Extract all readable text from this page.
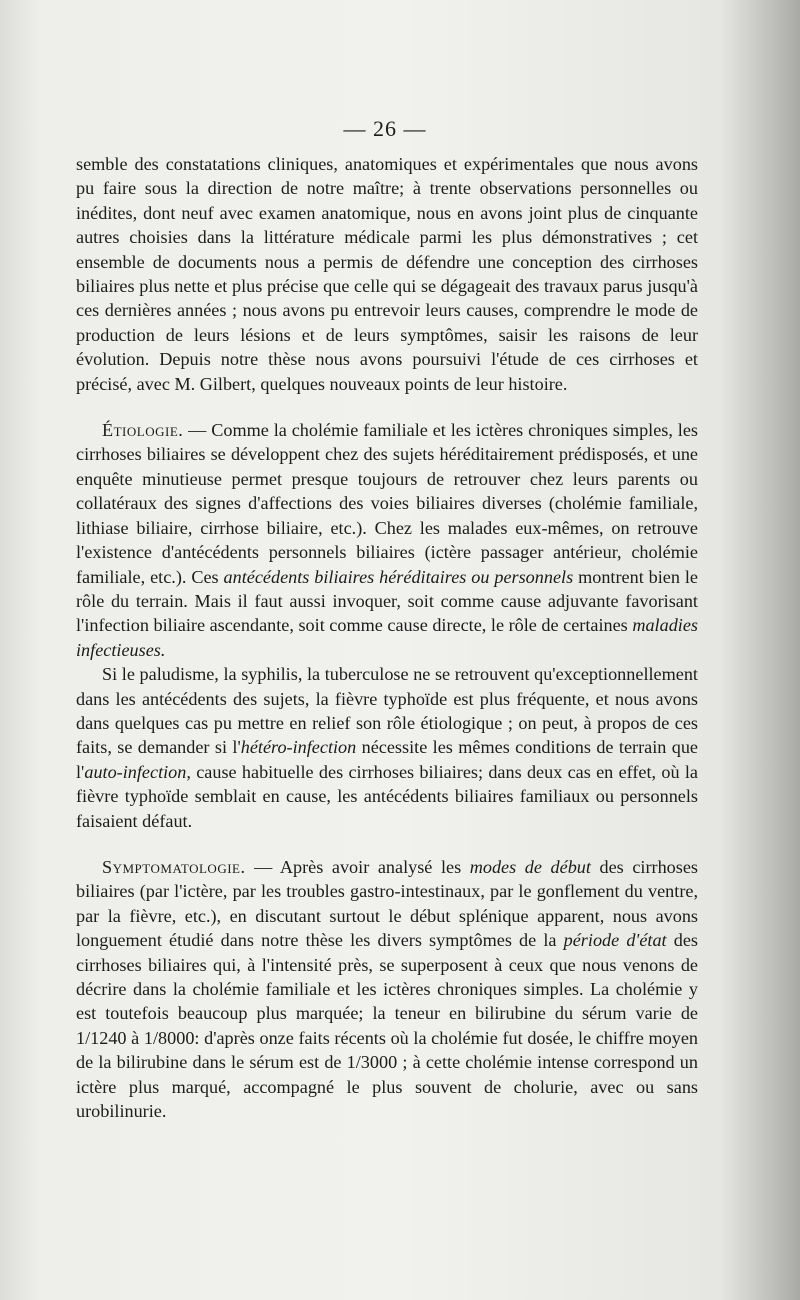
— 26 —

semble des constatations cliniques, anatomiques et expérimentales que nous avons pu faire sous la direction de notre maître; à trente observations personnelles ou inédites, dont neuf avec examen anatomique, nous en avons joint plus de cinquante autres choisies dans la littérature médicale parmi les plus démonstratives ; cet ensemble de documents nous a permis de défendre une conception des cirrhoses biliaires plus nette et plus précise que celle qui se dégageait des travaux parus jusqu'à ces dernières années ; nous avons pu entrevoir leurs causes, comprendre le mode de production de leurs lésions et de leurs symptômes, saisir les raisons de leur évolution. Depuis notre thèse nous avons poursuivi l'étude de ces cirrhoses et précisé, avec M. Gilbert, quelques nouveaux points de leur histoire.

Étiologie. — Comme la cholémie familiale et les ictères chroniques simples, les cirrhoses biliaires se développent chez des sujets héréditairement prédisposés, et une enquête minutieuse permet presque toujours de retrouver chez leurs parents ou collatéraux des signes d'affections des voies biliaires diverses (cholémie familiale, lithiase biliaire, cirrhose biliaire, etc.). Chez les malades eux-mêmes, on retrouve l'existence d'antécédents personnels biliaires (ictère passager antérieur, cholémie familiale, etc.). Ces antécédents biliaires héréditaires ou personnels montrent bien le rôle du terrain. Mais il faut aussi invoquer, soit comme cause adjuvante favorisant l'infection biliaire ascendante, soit comme cause directe, le rôle de certaines maladies infectieuses.

Si le paludisme, la syphilis, la tuberculose ne se retrouvent qu'exceptionnellement dans les antécédents des sujets, la fièvre typhoïde est plus fréquente, et nous avons dans quelques cas pu mettre en relief son rôle étiologique ; on peut, à propos de ces faits, se demander si l'hétéro-infection nécessite les mêmes conditions de terrain que l'auto-infection, cause habituelle des cirrhoses biliaires; dans deux cas en effet, où la fièvre typhoïde semblait en cause, les antécédents biliaires familiaux ou personnels faisaient défaut.

Symptomatologie. — Après avoir analysé les modes de début des cirrhoses biliaires (par l'ictère, par les troubles gastro-intestinaux, par le gonflement du ventre, par la fièvre, etc.), en discutant surtout le début splénique apparent, nous avons longuement étudié dans notre thèse les divers symptômes de la période d'état des cirrhoses biliaires qui, à l'intensité près, se superposent à ceux que nous venons de décrire dans la cholémie familiale et les ictères chroniques simples. La cholémie y est toutefois beaucoup plus marquée; la teneur en bilirubine du sérum varie de 1/1240 à 1/8000: d'après onze faits récents où la cholémie fut dosée, le chiffre moyen de la bilirubine dans le sérum est de 1/3000 ; à cette cholémie intense correspond un ictère plus marqué, accompagné le plus souvent de cholurie, avec ou sans urobilinurie.
